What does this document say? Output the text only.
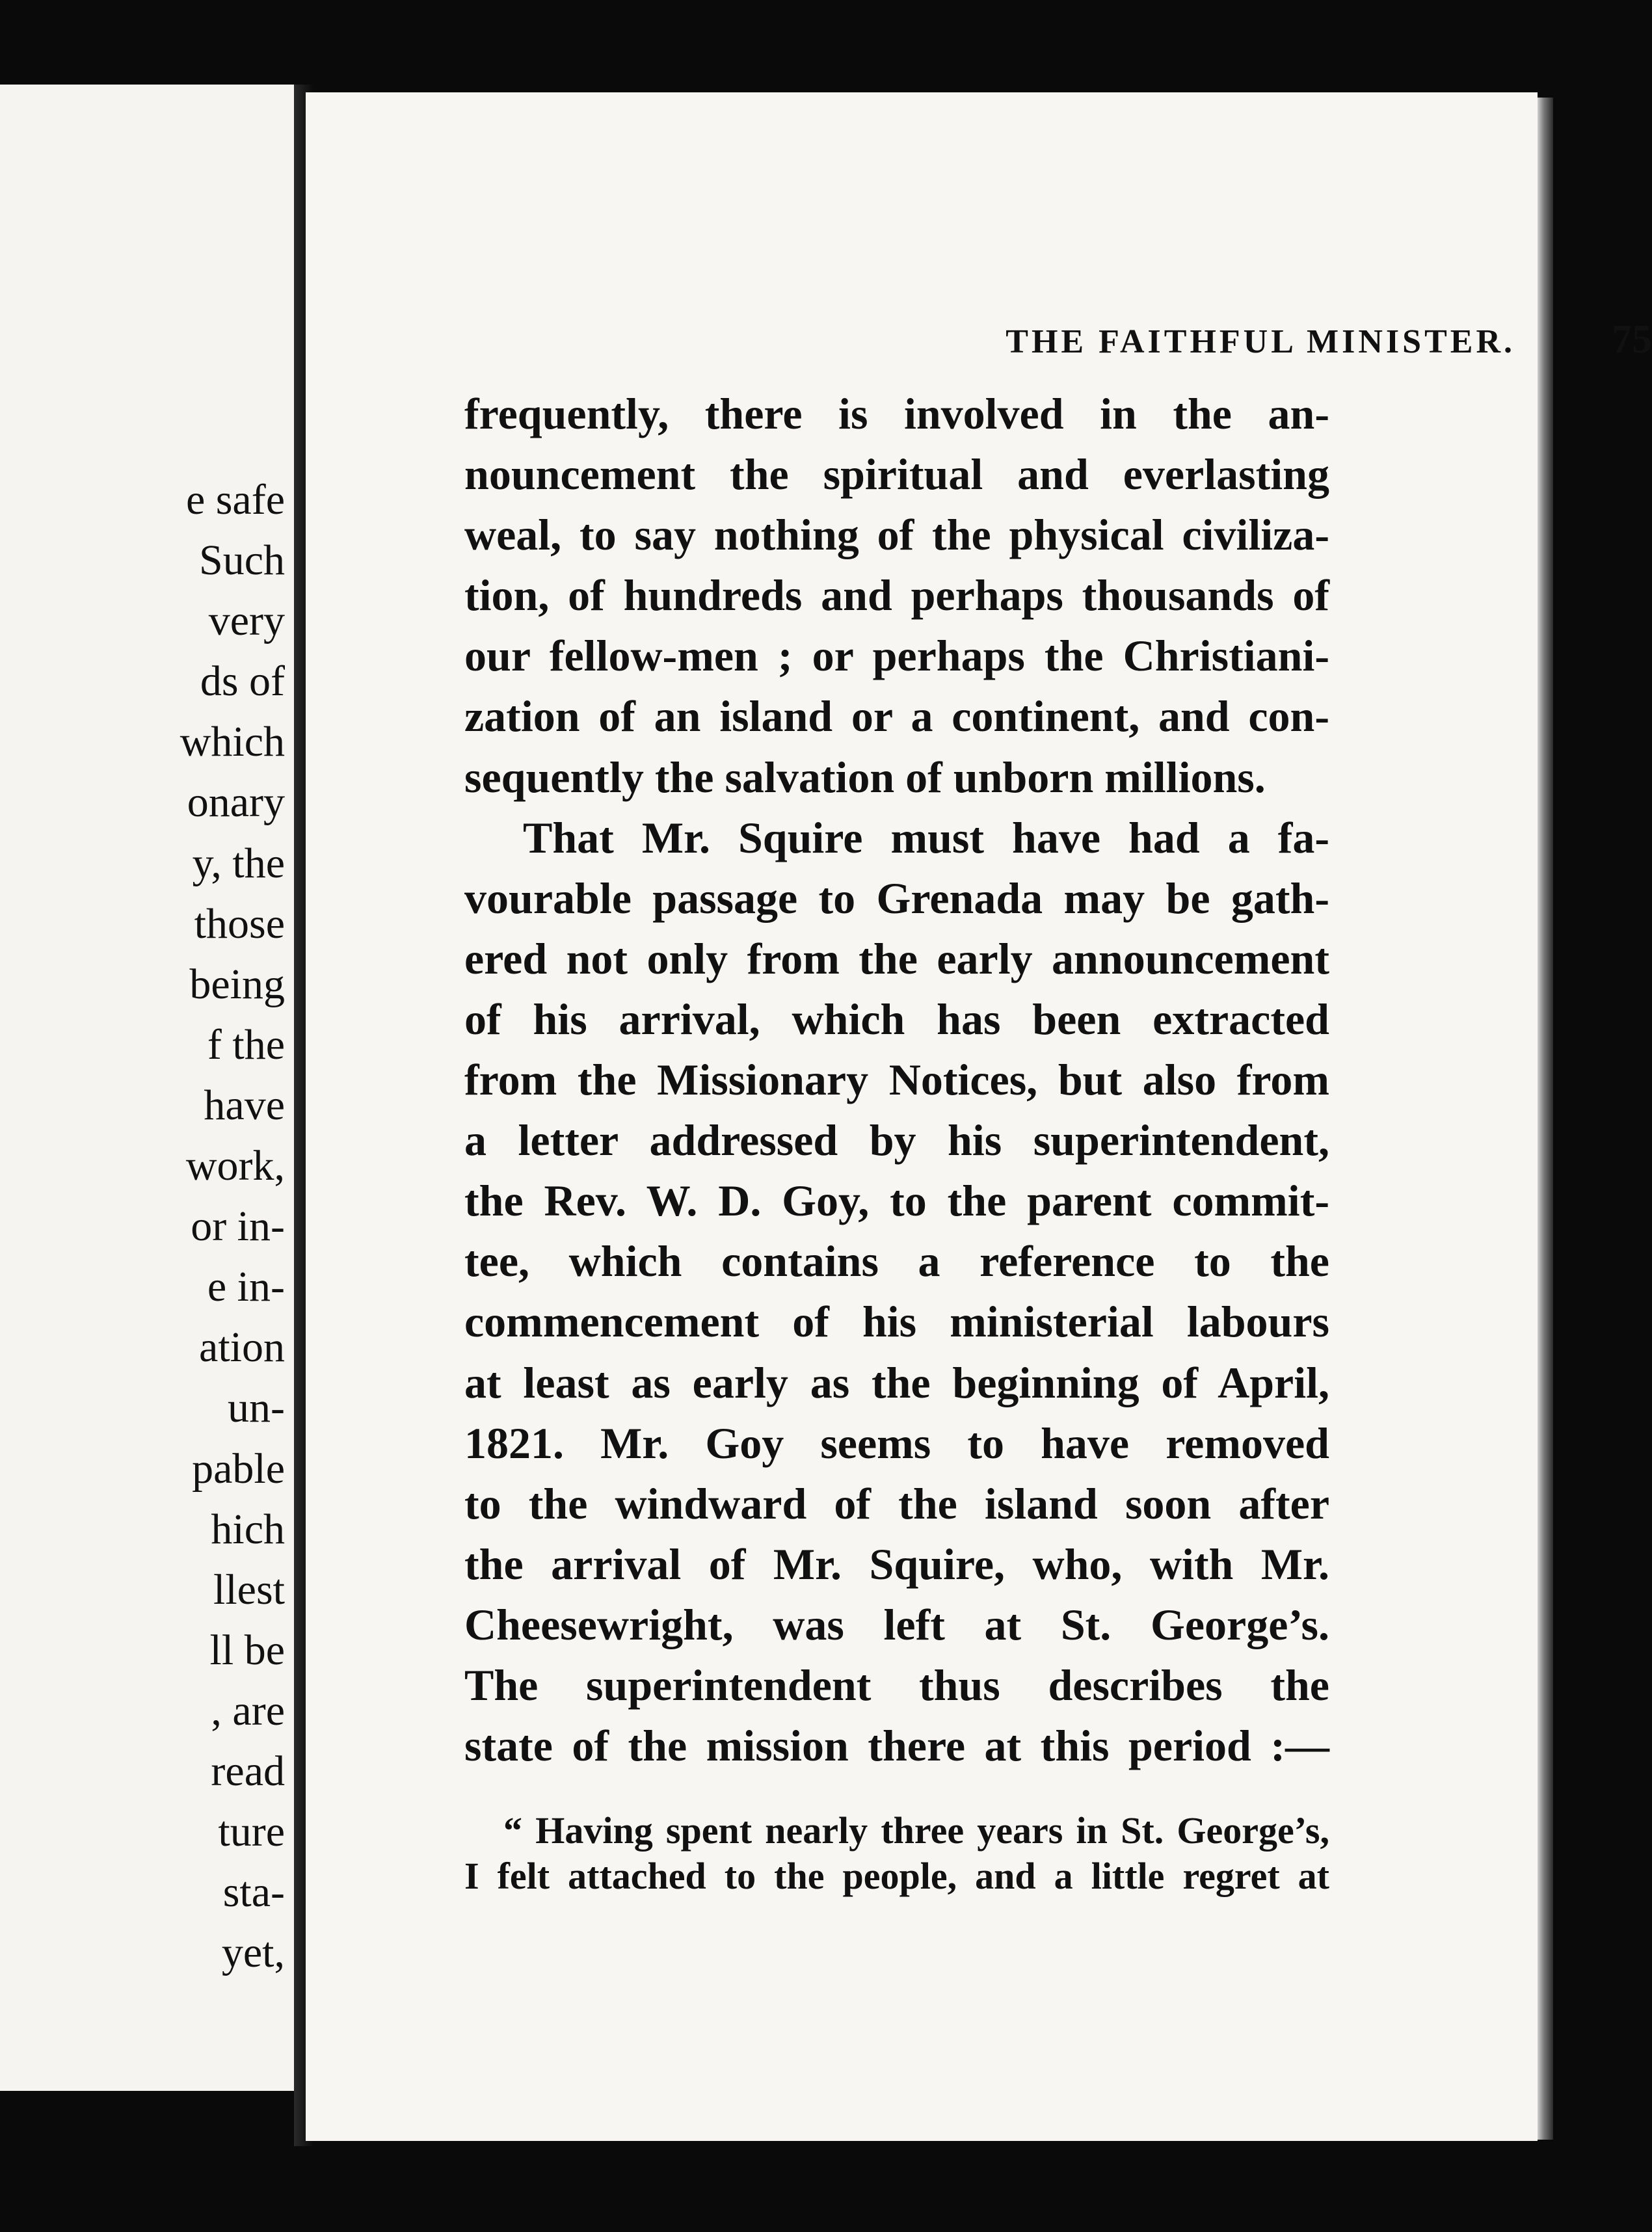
e safe
Such
very
ds of
which
onary
y, the
those
being
f the
have
work,
or in-
e in-
ation
un-
pable
hich
llest
ll be
, are
read
ture
sta-
yet,
THE FAITHFUL MINISTER.	75
frequently, there is involved in the an-
nouncement the spiritual and everlasting
weal, to say nothing of the physical civiliza-
tion, of hundreds and perhaps thousands of
our fellow-men ; or perhaps the Christiani-
zation of an island or a continent, and con-
sequently the salvation of unborn millions.
That Mr. Squire must have had a fa-
vourable passage to Grenada may be gath-
ered not only from the early announcement
of his arrival, which has been extracted
from the Missionary Notices, but also from
a letter addressed by his superintendent,
the Rev. W. D. Goy, to the parent commit-
tee, which contains a reference to the
commencement of his ministerial labours
at least as early as the beginning of April,
1821. Mr. Goy seems to have removed
to the windward of the island soon after
the arrival of Mr. Squire, who, with Mr.
Cheesewright, was left at St. George’s.
The superintendent thus describes the
state of the mission there at this period :—
“ Having spent nearly three years in St. George’s,
I felt attached to the people, and a little regret at
